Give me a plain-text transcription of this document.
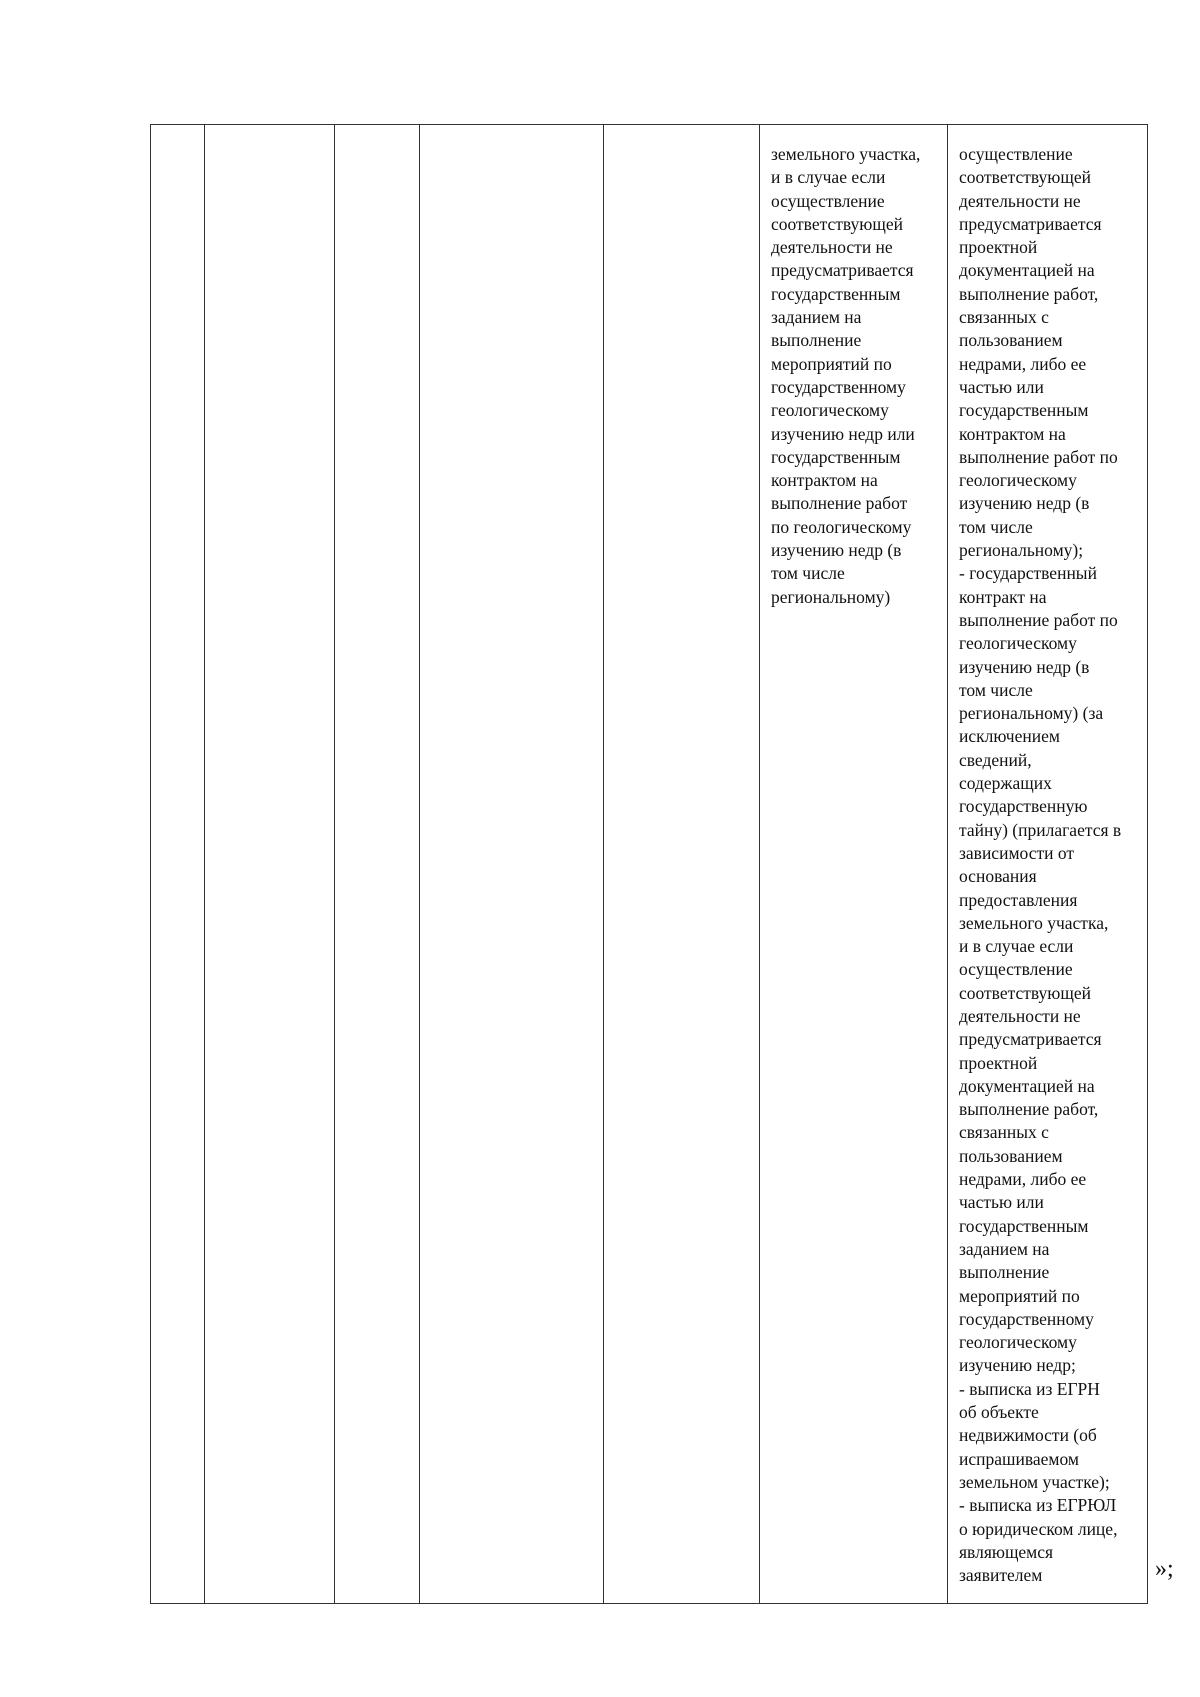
земельного участка,
и в случае если
осуществление
соответствующей
деятельности не
предусматривается
государственным
заданием на
выполнение
мероприятий по
государственному
геологическому
изучению недр или
государственным
контрактом на
выполнение работ
по геологическому
изучению недр (в
том числе
региональному)
осуществление
соответствующей
деятельности не
предусматривается
проектной
документацией на
выполнение работ,
связанных с
пользованием
недрами, либо ее
частью или
государственным
контрактом на
выполнение работ по
геологическому
изучению недр (в
том числе
региональному);
- государственный
контракт на
выполнение работ по
геологическому
изучению недр (в
том числе
региональному) (за
исключением
сведений,
содержащих
государственную
тайну) (прилагается в
зависимости от
основания
предоставления
земельного участка,
и в случае если
осуществление
соответствующей
деятельности не
предусматривается
проектной
документацией на
выполнение работ,
связанных с
пользованием
недрами, либо ее
частью или
государственным
заданием на
выполнение
мероприятий по
государственному
геологическому
изучению недр;
- выписка из ЕГРН
об объекте
недвижимости (об
испрашиваемом
земельном участке);
- выписка из ЕГРЮЛ
о юридическом лице,
являющемся
заявителем	»;
